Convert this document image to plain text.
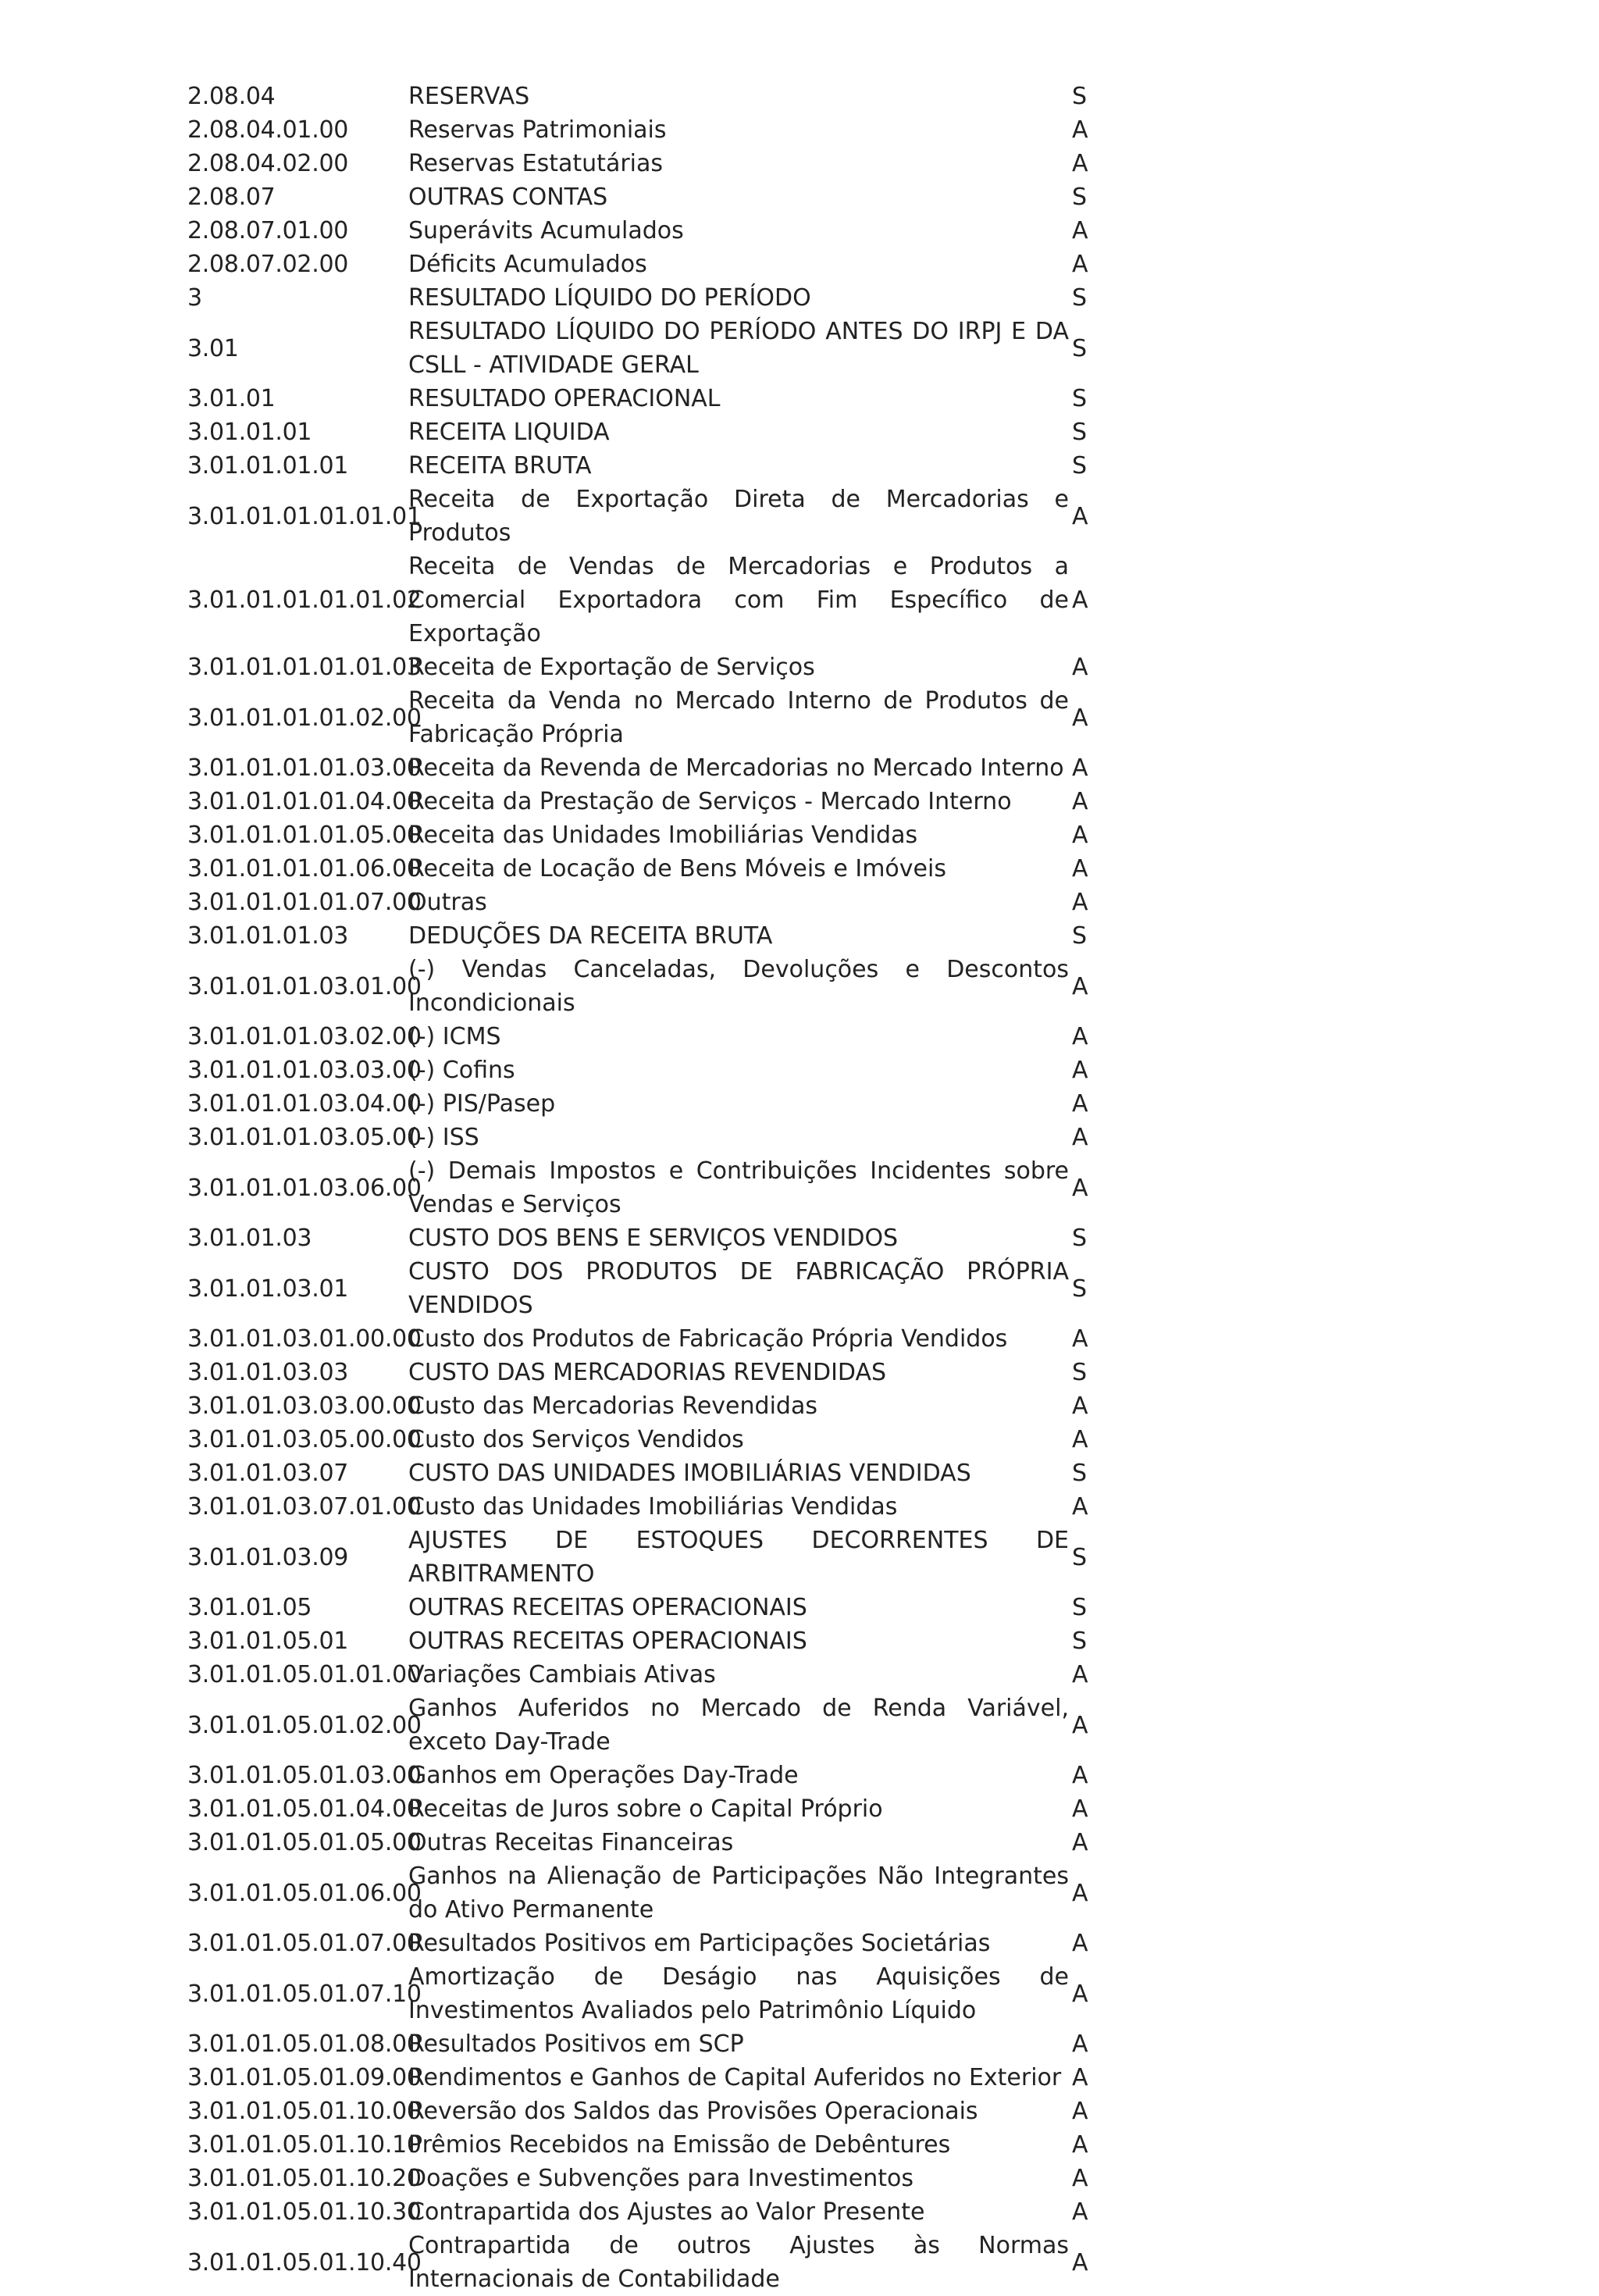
2.08.04	RESERVAS	S
2.08.04.01.00	Reservas Patrimoniais	A
2.08.04.02.00	Reservas Estatutárias	A
2.08.07	OUTRAS CONTAS	S
2.08.07.01.00	Superávits Acumulados	A
2.08.07.02.00	Déficits Acumulados	A
3	RESULTADO LÍQUIDO DO PERÍODO	S
3.01	RESULTADO LÍQUIDO DO PERÍODO ANTES DO IRPJ E DA CSLL - ATIVIDADE GERAL	S
3.01.01	RESULTADO OPERACIONAL	S
3.01.01.01	RECEITA LIQUIDA	S
3.01.01.01.01	RECEITA BRUTA	S
3.01.01.01.01.01.01	Receita de Exportação Direta de Mercadorias e Produtos	A
3.01.01.01.01.01.02	Receita de Vendas de Mercadorias e Produtos a Comercial Exportadora com Fim Específico de Exportação	A
3.01.01.01.01.01.03	Receita de Exportação de Serviços	A
3.01.01.01.01.02.00	Receita da Venda no Mercado Interno de Produtos de Fabricação Própria	A
3.01.01.01.01.03.00	Receita da Revenda de Mercadorias no Mercado Interno	A
3.01.01.01.01.04.00	Receita da Prestação de Serviços - Mercado Interno	A
3.01.01.01.01.05.00	Receita das Unidades Imobiliárias Vendidas	A
3.01.01.01.01.06.00	Receita de Locação de Bens Móveis e Imóveis	A
3.01.01.01.01.07.00	Outras	A
3.01.01.01.03	DEDUÇÕES DA RECEITA BRUTA	S
3.01.01.01.03.01.00	(-) Vendas Canceladas, Devoluções e Descontos Incondicionais	A
3.01.01.01.03.02.00	(-) ICMS	A
3.01.01.01.03.03.00	(-) Cofins	A
3.01.01.01.03.04.00	(-) PIS/Pasep	A
3.01.01.01.03.05.00	(-) ISS	A
3.01.01.01.03.06.00	(-) Demais Impostos e Contribuições Incidentes sobre Vendas e Serviços	A
3.01.01.03	CUSTO DOS BENS E SERVIÇOS VENDIDOS	S
3.01.01.03.01	CUSTO DOS PRODUTOS DE FABRICAÇÃO PRÓPRIA VENDIDOS	S
3.01.01.03.01.00.00	Custo dos Produtos de Fabricação Própria Vendidos	A
3.01.01.03.03	CUSTO DAS MERCADORIAS REVENDIDAS	S
3.01.01.03.03.00.00	Custo das Mercadorias Revendidas	A
3.01.01.03.05.00.00	Custo dos Serviços Vendidos	A
3.01.01.03.07	CUSTO DAS UNIDADES IMOBILIÁRIAS VENDIDAS	S
3.01.01.03.07.01.00	Custo das Unidades Imobiliárias Vendidas	A
3.01.01.03.09	AJUSTES DE ESTOQUES DECORRENTES DE ARBITRAMENTO	S
3.01.01.05	OUTRAS RECEITAS OPERACIONAIS	S
3.01.01.05.01	OUTRAS RECEITAS OPERACIONAIS	S
3.01.01.05.01.01.00	Variações Cambiais Ativas	A
3.01.01.05.01.02.00	Ganhos Auferidos no Mercado de Renda Variável, exceto Day-Trade	A
3.01.01.05.01.03.00	Ganhos em Operações Day-Trade	A
3.01.01.05.01.04.00	Receitas de Juros sobre o Capital Próprio	A
3.01.01.05.01.05.00	Outras Receitas Financeiras	A
3.01.01.05.01.06.00	Ganhos na Alienação de Participações Não Integrantes do Ativo Permanente	A
3.01.01.05.01.07.00	Resultados Positivos em Participações Societárias	A
3.01.01.05.01.07.10	Amortização de Deságio nas Aquisições de Investimentos Avaliados pelo Patrimônio Líquido	A
3.01.01.05.01.08.00	Resultados Positivos em SCP	A
3.01.01.05.01.09.00	Rendimentos e Ganhos de Capital Auferidos no Exterior	A
3.01.01.05.01.10.00	Reversão dos Saldos das Provisões Operacionais	A
3.01.01.05.01.10.10	Prêmios Recebidos na Emissão de Debêntures	A
3.01.01.05.01.10.20	Doações e Subvenções para Investimentos	A
3.01.01.05.01.10.30	Contrapartida dos Ajustes ao Valor Presente	A
3.01.01.05.01.10.40	Contrapartida de outros Ajustes às Normas Internacionais de Contabilidade	A
